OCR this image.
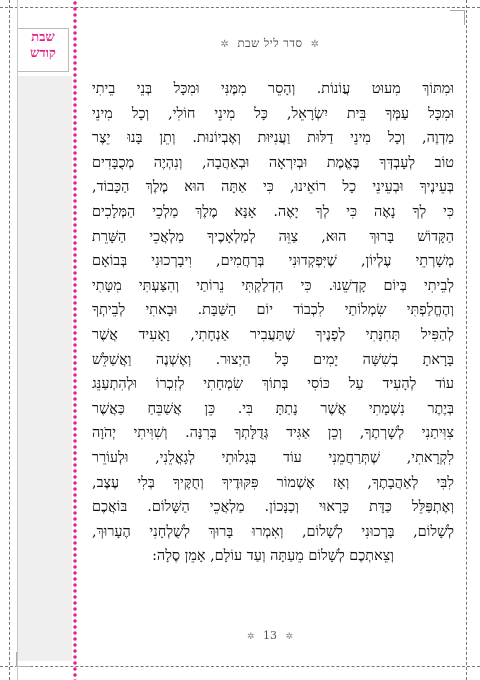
שבת
קודש
✲ סדר ליל שבת ✲
וּמִתּוֹךְ מִעוּט עֲוֹנוֹת. וְהָסֵר מִמֶּנִּי וּמִכָּל בְּנֵי בֵיתִי
וּמִכָּל עַמְּךָ בֵּית יִשְׂרָאֵל, כָּל מִינֵי חוֹלִי, וְכָל מִינֵי
מַדְוֶה, וְכָל מִינֵי דַלּוּת וַעֲנִיּוּת וְאֶבְיוֹנוּת. וְתֵן בָּנוּ יֵצֶר
טוֹב לְעָבְדְּךָ בֶּאֱמֶת וּבְיִרְאָה וּבְאַהֲבָה, וְנִהְיֶה מְכֻבָּדִים
בְּעֵינֶיךָ וּבְעֵינֵי כָל רוֹאֵינוּ, כִּי אַתָּה הוּא מֶלֶךְ הַכָּבוֹד,
כִּי לְךָ נָאֶה כִּי לְךָ יָאֶה. אָנָּא מֶלֶךְ מַלְכֵי הַמְּלָכִים
הַקָּדוֹשׁ בָּרוּךְ הוּא, צַוֵּה לְמַלְאָכֶיךָ מַלְאֲכֵי הַשָּׁרֵת
מְשָׁרְתֵי עֶלְיוֹן, שֶׁיִּפְקְדוּנִי בְּרַחֲמִים, וִיבָרְכוּנִי בְּבוֹאָם
לְבֵיתִי בְּיוֹם קָדְשֵׁנוּ. כִּי הִדְלַקְתִּי נֵרוֹתַי וְהִצַּעְתִּי מִטָּתִי
וְהֶחֱלַפְתִּי שִׂמְלוֹתַי לִכְבוֹד יוֹם הַשַּׁבָּת. וּבָאתִי לְבֵיתְךָ
לְהַפִּיל תְּחִנָּתִי לְפָנֶיךָ שֶׁתַּעֲבִיר אַנְחָתִי, וָאָעִיד אֲשֶׁר
בָּרָאתָ בְשִׁשָּׁה יָמִים כָּל הַיְצוּר. וְאֶשְׁנֶה וַאֲשַׁלֵּשׁ
עוֹד לְהָעִיד עַל כּוֹסִי בְּתוֹךְ שִׂמְחָתִי לְזִכְרוֹ וּלְהִתְעַנֵּג
בְּיֶתֶר נִשְׁמָתִי אֲשֶׁר נָתַתָּ בִּי. כֵּן אֲשַׁבֵּחַ כַּאֲשֶׁר
צִוִּיתַנִי לְשָׁרְתֶךָ, וְכֵן אַגִּיד גְּדֻלָּתְךָ בְּרִנָּה. וְשִׁוִּיתִי יְהֹוָה
לִקְרָאתִי, שֶׁתְּרַחֲמֵנִי עוֹד בְּגָלוּתִי לְגָאֳלֵנִי, וּלְעוֹרֵר
לִבִּי לְאַהֲבָתֶךָ, וְאָז אֶשְׁמוֹר פִּקּוּדֶיךָ וְחֻקֶּיךָ בְּלִי עֶצֶב,
וְאֶתְפַּלֵּל כַּדָּת כָּרָאוּי וְכַנָּכוֹן. מַלְאֲכֵי הַשָּׁלוֹם. בּוֹאֲכֶם
לְשָׁלוֹם, בָּרְכוּנִי לְשָׁלוֹם, וְאִמְרוּ בָּרוּךְ לְשֻׁלְחָנִי הֶעָרוּךְ,
וְצֵאתְכֶם לְשָׁלוֹם מֵעַתָּה וְעַד עוֹלָם, אָמֵן סֶלָה:
✲ 13 ✲
